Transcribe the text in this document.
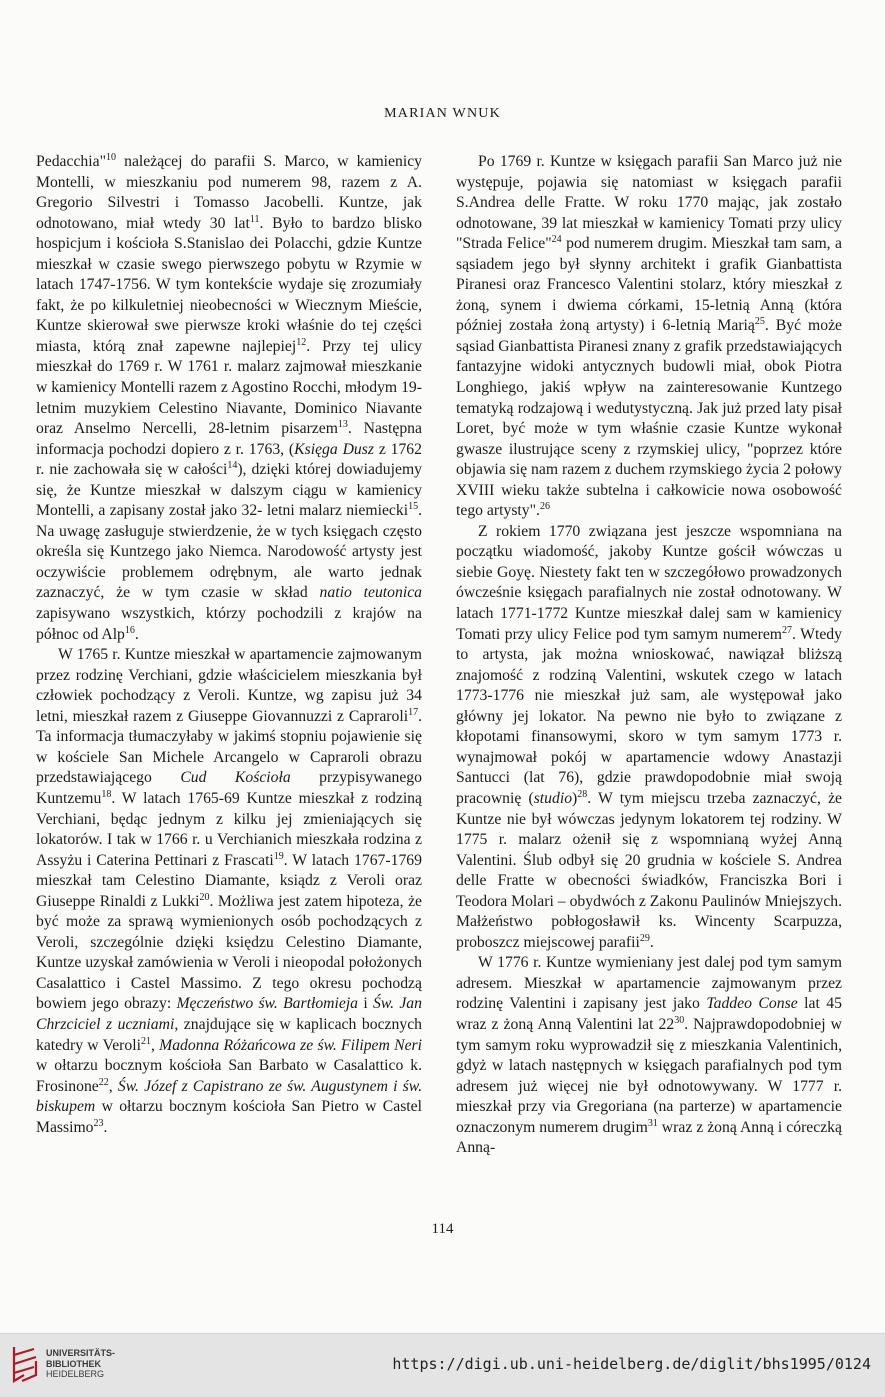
MARIAN WNUK

Pedacchia"$^{10}$ należącej do parafii S. Marco, w kamienicy Montelli, w mieszkaniu pod numerem 98, razem z A. Gregorio Silvestri i Tomasso Jacobelli. Kuntze, jak odnotowano, miał wtedy 30 lat$^{11}$. Było to bardzo blisko hospicjum i kościoła S.Stanislao dei Polacchi, gdzie Kuntze mieszkał w czasie swego pierwszego pobytu w Rzymie w latach 1747-1756. W tym kontekście wydaje się zrozumiały fakt, że po kilkuletniej nieobecności w Wiecznym Mieście, Kuntze skierował swe pierwsze kroki właśnie do tej części miasta, którą znał zapewne najlepiej$^{12}$. Przy tej ulicy mieszkał do 1769 r. W 1761 r. malarz zajmował mieszkanie w kamienicy Montelli razem z Agostino Rocchi, młodym 19-letnim muzykiem Celestino Niavante, Dominico Niavante oraz Anselmo Nercelli, 28-letnim pisarzem$^{13}$. Następna informacja pochodzi dopiero z r. 1763, (Księga Dusz z 1762 r. nie zachowała się w całości$^{14}$), dzięki której dowiadujemy się, że Kuntze mieszkał w dalszym ciągu w kamienicy Montelli, a zapisany został jako 32- letni malarz niemiecki$^{15}$. Na uwagę zasługuje stwierdzenie, że w tych księgach często określa się Kuntzego jako Niemca. Narodowość artysty jest oczywiście problemem odrębnym, ale warto jednak zaznaczyć, że w tym czasie w skład natio teutonica zapisywano wszystkich, którzy pochodzili z krajów na północ od Alp$^{16}$.

W 1765 r. Kuntze mieszkał w apartamencie zajmowanym przez rodzinę Verchiani, gdzie właścicielem mieszkania był człowiek pochodzący z Veroli. Kuntze, wg zapisu już 34 letni, mieszkał razem z Giuseppe Giovannuzzi z Capraroli$^{17}$. Ta informacja tłumaczyłaby w jakimś stopniu pojawienie się w kościele San Michele Arcangelo w Capraroli obrazu przedstawiającego Cud Kościoła przypisywanego Kuntzemu$^{18}$. W latach 1765-69 Kuntze mieszkał z rodziną Verchiani, będąc jednym z kilku jej zmieniających się lokatorów. I tak w 1766 r. u Verchianich mieszkała rodzina z Assyżu i Caterina Pettinari z Frascati$^{19}$. W latach 1767-1769 mieszkał tam Celestino Diamante, ksiądz z Veroli oraz Giuseppe Rinaldi z Lukki$^{20}$. Możliwa jest zatem hipoteza, że być może za sprawą wymienionych osób pochodzących z Veroli, szczególnie dzięki księdzu Celestino Diamante, Kuntze uzyskał zamówienia w Veroli i nieopodal położonych Casalattico i Castel Massimo. Z tego okresu pochodzą bowiem jego obrazy: Męczeństwo św. Bartłomieja i Św. Jan Chrzciciel z uczniami, znajdujące się w kaplicach bocznych katedry w Veroli$^{21}$, Madonna Różańcowa ze św. Filipem Neri w ołtarzu bocznym kościoła San Barbato w Casalattico k. Frosinone$^{22}$, Św. Józef z Capistrano ze św. Augustynem i św. biskupem w ołtarzu bocznym kościoła San Pietro w Castel Massimo$^{23}$.

Po 1769 r. Kuntze w księgach parafii San Marco już nie występuje, pojawia się natomiast w księgach parafii S.Andrea delle Fratte. W roku 1770 mając, jak zostało odnotowane, 39 lat mieszkał w kamienicy Tomati przy ulicy "Strada Felice"$^{24}$ pod numerem drugim. Mieszkał tam sam, a sąsiadem jego był słynny architekt i grafik Gianbattista Piranesi oraz Francesco Valentini stolarz, który mieszkał z żoną, synem i dwiema córkami, 15-letnią Anną (która później została żoną artysty) i 6-letnią Marią$^{25}$. Być może sąsiad Gianbattista Piranesi znany z grafik przedstawiających fantazyjne widoki antycznych budowli miał, obok Piotra Longhiego, jakiś wpływ na zainteresowanie Kuntzego tematyką rodzajową i wedutystyczną. Jak już przed laty pisał Loret, być może w tym właśnie czasie Kuntze wykonał gwasze ilustrujące sceny z rzymskiej ulicy, "poprzez które objawia się nam razem z duchem rzymskiego życia 2 połowy XVIII wieku także subtelna i całkowicie nowa osobowość tego artysty".$^{26}$

Z rokiem 1770 związana jest jeszcze wspomniana na początku wiadomość, jakoby Kuntze gościł wówczas u siebie Goyę. Niestety fakt ten w szczegółowo prowadzonych ówcześnie księgach parafialnych nie został odnotowany. W latach 1771-1772 Kuntze mieszkał dalej sam w kamienicy Tomati przy ulicy Felice pod tym samym numerem$^{27}$. Wtedy to artysta, jak można wnioskować, nawiązał bliższą znajomość z rodziną Valentini, wskutek czego w latach 1773-1776 nie mieszkał już sam, ale występował jako główny jej lokator. Na pewno nie było to związane z kłopotami finansowymi, skoro w tym samym 1773 r. wynajmował pokój w apartamencie wdowy Anastazji Santucci (lat 76), gdzie prawdopodobnie miał swoją pracownię (studio)$^{28}$. W tym miejscu trzeba zaznaczyć, że Kuntze nie był wówczas jedynym lokatorem tej rodziny. W 1775 r. malarz ożenił się z wspomnianą wyżej Anną Valentini. Ślub odbył się 20 grudnia w kościele S. Andrea delle Fratte w obecności świadków, Franciszka Bori i Teodora Molari – obydwóch z Zakonu Paulinów Mniejszych. Małżeństwo pobłogosławił ks. Wincenty Scarpuzza, proboszcz miejscowej parafii$^{29}$.

W 1776 r. Kuntze wymieniany jest dalej pod tym samym adresem. Mieszkał w apartamencie zajmowanym przez rodzinę Valentini i zapisany jest jako Taddeo Conse lat 45 wraz z żoną Anną Valentini lat $22^{30}$. Najprawdopodobniej w tym samym roku wyprowadził się z mieszkania Valentinich, gdyż w latach następnych w księgach parafialnych pod tym adresem już więcej nie był odnotowywany. W 1777 r. mieszkał przy via Gregoriana (na parterze) w apartamencie oznaczonym numerem drugim$^{31}$ wraz z żoną Anną i córeczką Anną-

114
UNIVERSITÄTS-
BIBLIOTHEK
HEIDELBERG
https://digi.ub.uni-heidelberg.de/diglit/bhs1995/0124
